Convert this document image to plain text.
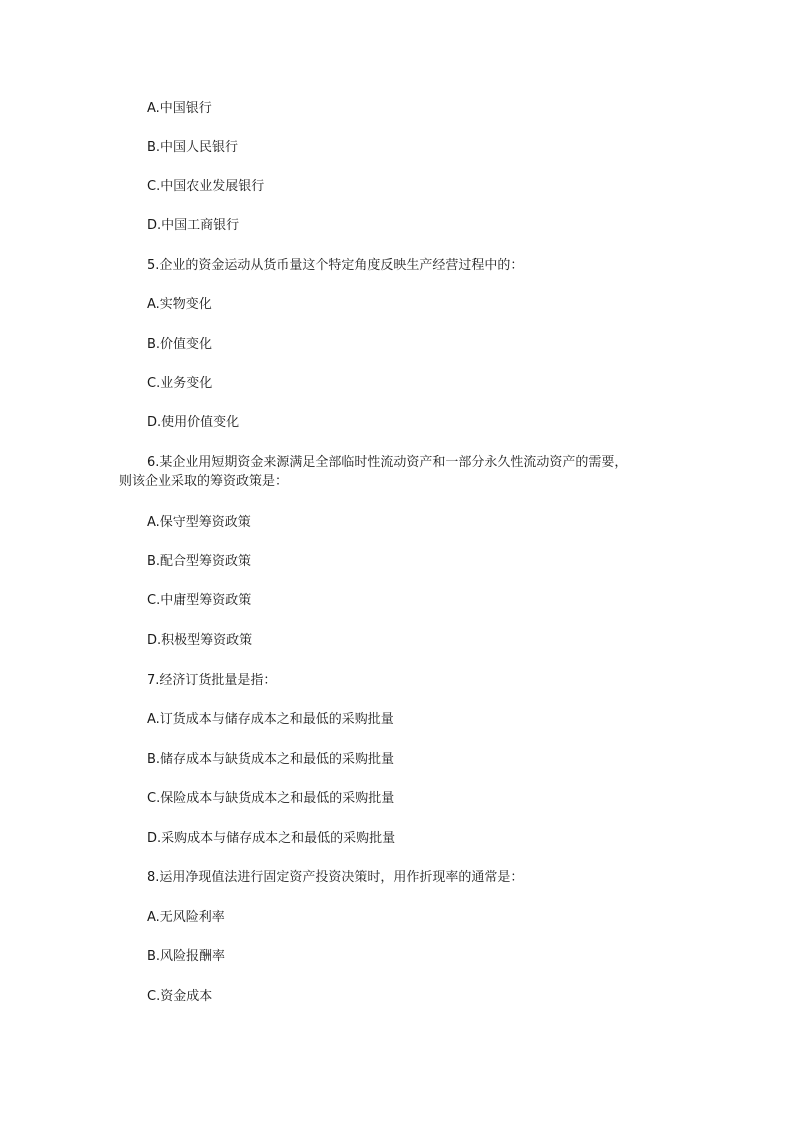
A.中国银行
B.中国人民银行
C.中国农业发展银行
D.中国工商银行
5.企业的资金运动从货币量这个特定角度反映生产经营过程中的：
A.实物变化
B.价值变化
C.业务变化
D.使用价值变化
6.某企业用短期资金来源满足全部临时性流动资产和一部分永久性流动资产的需要，
则该企业采取的筹资政策是：
A.保守型筹资政策
B.配合型筹资政策
C.中庸型筹资政策
D.积极型筹资政策
7.经济订货批量是指：
A.订货成本与储存成本之和最低的采购批量
B.储存成本与缺货成本之和最低的采购批量
C.保险成本与缺货成本之和最低的采购批量
D.采购成本与储存成本之和最低的采购批量
8.运用净现值法进行固定资产投资决策时，用作折现率的通常是：
A.无风险利率
B.风险报酬率
C.资金成本
